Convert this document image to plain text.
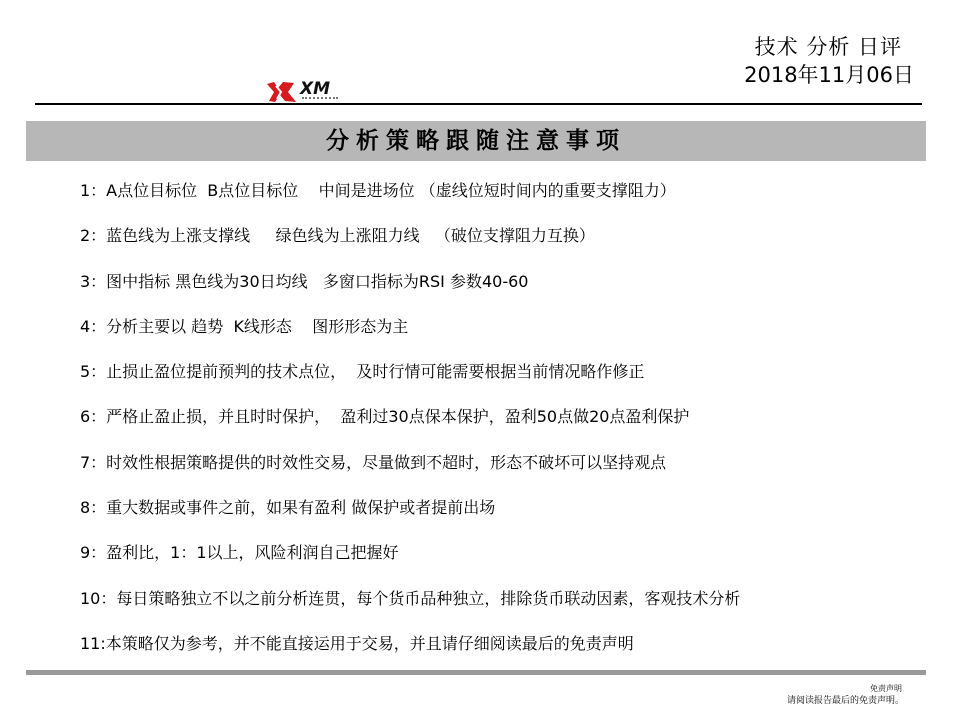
技术 分析 日评
2018年11月06日
XM
分析策略跟随注意事项
1：A点位目标位  B点位目标位    中间是进场位 （虚线位短时间内的重要支撑阻力）
2：蓝色线为上涨支撑线     绿色线为上涨阻力线   （破位支撑阻力互换）
3：图中指标 黑色线为30日均线   多窗口指标为RSI 参数40-60
4：分析主要以 趋势  K线形态    图形形态为主
5：止损止盈位提前预判的技术点位，  及时行情可能需要根据当前情况略作修正
6：严格止盈止损，并且时时保护，  盈利过30点保本保护，盈利50点做20点盈利保护
7：时效性根据策略提供的时效性交易，尽量做到不超时，形态不破坏可以坚持观点
8：重大数据或事件之前，如果有盈利 做保护或者提前出场
9：盈利比，1：1以上，风险利润自己把握好
10：每日策略独立不以之前分析连贯，每个货币品种独立，排除货币联动因素，客观技术分析
11:本策略仅为参考，并不能直接运用于交易，并且请仔细阅读最后的免责声明
免责声明
请阅读报告最后的免责声明。
